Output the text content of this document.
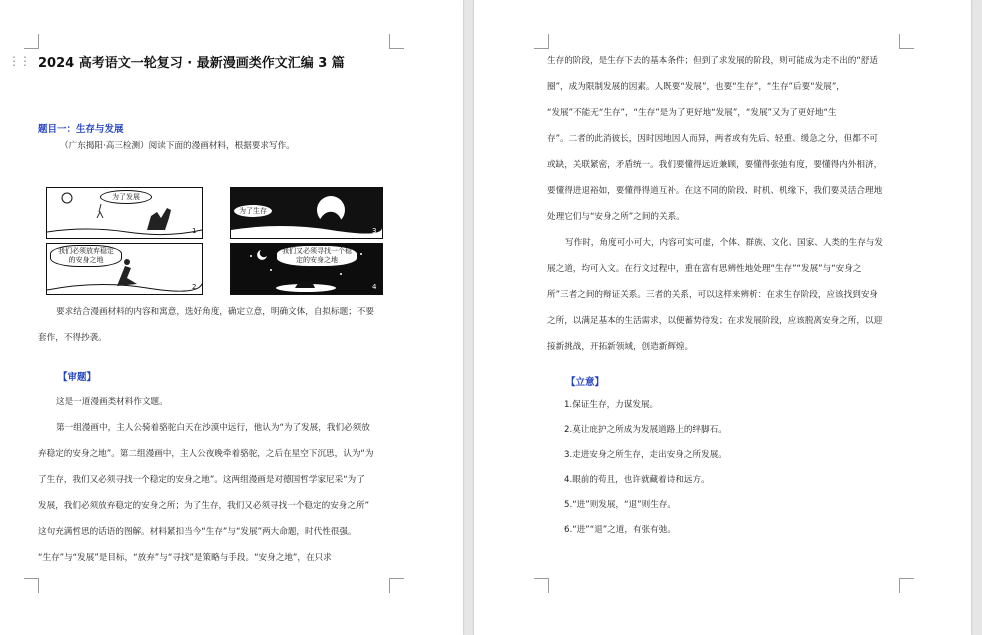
⋮⋮ 2024 高考语文一轮复习 · 最新漫画类作文汇编 3 篇
题目一：生存与发展
（广东揭阳·高三检测）阅读下面的漫画材料，根据要求写作。
为了发展
1
为了生存
3
我们必须放弃稳定的安身之地
2
我们又必须寻找一个稳定的安身之地
4
要求结合漫画材料的内容和寓意，选好角度，确定立意，明确文体，自拟标题；不要
套作，不得抄袭。
【审题】
这是一道漫画类材料作文题。
第一组漫画中，主人公骑着骆驼白天在沙漠中远行，他认为“为了发展，我们必须放
弃稳定的安身之地”。第二组漫画中，主人公夜晚牵着骆驼，之后在星空下沉思，认为“为
了生存，我们又必须寻找一个稳定的安身之地”。这两组漫画是对德国哲学家尼采“为了
发展，我们必须放弃稳定的安身之所；为了生存，我们又必须寻找一个稳定的安身之所”
这句充满哲思的话语的图解。材料紧扣当今“生存”与“发展”两大命题，时代性很强。
“生存”与“发展”是目标，“放弃”与“寻找”是策略与手段。“安身之地”，在只求
生存的阶段，是生存下去的基本条件；但到了求发展的阶段，则可能成为走不出的“舒适
圈”，成为限制发展的因素。人既要“发展”，也要“生存”，“生存”后要“发展”，
“发展”不能无“生存”，“生存”是为了更好地“发展”，“发展”又为了更好地“生
存”。二者的此消彼长，因时因地因人而异，两者或有先后、轻重、缓急之分，但都不可
或缺，关联紧密，矛盾统一。我们要懂得远近兼顾，要懂得张弛有度，要懂得内外相济，
要懂得进退裕如，要懂得得道互补。在这不同的阶段、时机、机缘下，我们要灵活合理地
处理它们与“安身之所”之间的关系。
写作时，角度可小可大，内容可实可虚，个体、群族、文化、国家、人类的生存与发
展之道，均可入文。在行文过程中，重在富有思辨性地处理“生存”“发展”与“安身之
所”三者之间的辩证关系。三者的关系，可以这样来辨析：在求生存阶段，应该找到安身
之所，以满足基本的生活需求，以便蓄势待发；在求发展阶段，应该脱离安身之所，以迎
接新挑战，开拓新领域，创造新辉煌。
【立意】
1.保证生存，力谋发展。
2.莫让庇护之所成为发展道路上的绊脚石。
3.走进安身之所生存，走出安身之所发展。
4.眼前的苟且，也许就藏着诗和远方。
5.“进”则发展，“退”则生存。
6.“进”“退”之道，有张有弛。
